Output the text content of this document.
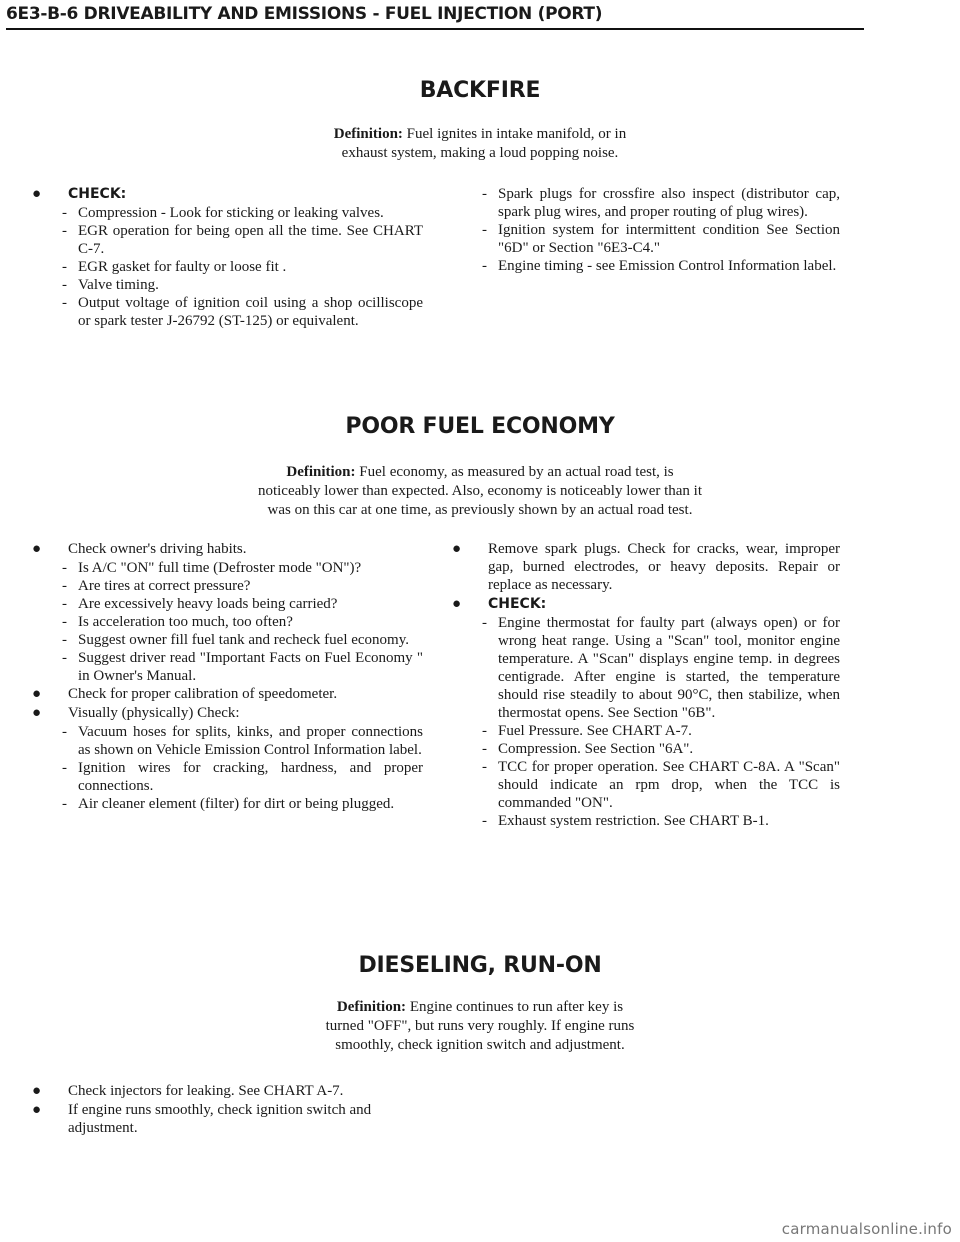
6E3-B-6 DRIVEABILITY AND EMISSIONS - FUEL INJECTION (PORT)
BACKFIRE
Definition: Fuel ignites in intake manifold, or in
exhaust system, making a loud popping noise.
● CHECK:
- Compression - Look for sticking or leaking valves.
- EGR operation for being open all the time. See CHART C-7.
- EGR gasket for faulty or loose fit .
- Valve timing.
- Output voltage of ignition coil using a shop ocilliscope or spark tester J-26792 (ST-125) or equivalent.
- Spark plugs for crossfire also inspect (distributor cap, spark plug wires, and proper routing of plug wires).
- Ignition system for intermittent condition See Section "6D" or Section "6E3-C4."
- Engine timing - see Emission Control Information label.
POOR FUEL ECONOMY
Definition: Fuel economy, as measured by an actual road test, is
noticeably lower than expected. Also, economy is noticeably lower than it
was on this car at one time, as previously shown by an actual road test.
● Check owner's driving habits.
- Is A/C "ON" full time (Defroster mode "ON")?
- Are tires at correct pressure?
- Are excessively heavy loads being carried?
- Is acceleration too much, too often?
- Suggest owner fill fuel tank and recheck fuel economy.
- Suggest driver read "Important Facts on Fuel Economy " in Owner's Manual.
● Check for proper calibration of speedometer.
● Visually (physically) Check:
- Vacuum hoses for splits, kinks, and proper connections as shown on Vehicle Emission Control Information label.
- Ignition wires for cracking, hardness, and proper connections.
- Air cleaner element (filter) for dirt or being plugged.
● Remove spark plugs. Check for cracks, wear, improper gap, burned electrodes, or heavy deposits. Repair or replace as necessary.
● CHECK:
- Engine thermostat for faulty part (always open) or for wrong heat range. Using a "Scan" tool, monitor engine temperature. A "Scan" displays engine temp. in degrees centigrade. After engine is started, the temperature should rise steadily to about 90°C, then stabilize, when thermostat opens. See Section "6B".
- Fuel Pressure. See CHART A-7.
- Compression. See Section "6A".
- TCC for proper operation. See CHART C-8A. A "Scan" should indicate an rpm drop, when the TCC is commanded "ON".
- Exhaust system restriction. See CHART B-1.
DIESELING, RUN-ON
Definition: Engine continues to run after key is
turned "OFF", but runs very roughly. If engine runs
smoothly, check ignition switch and adjustment.
● Check injectors for leaking. See CHART A-7.
● If engine runs smoothly, check ignition switch and adjustment.
carmanualsonline.info
